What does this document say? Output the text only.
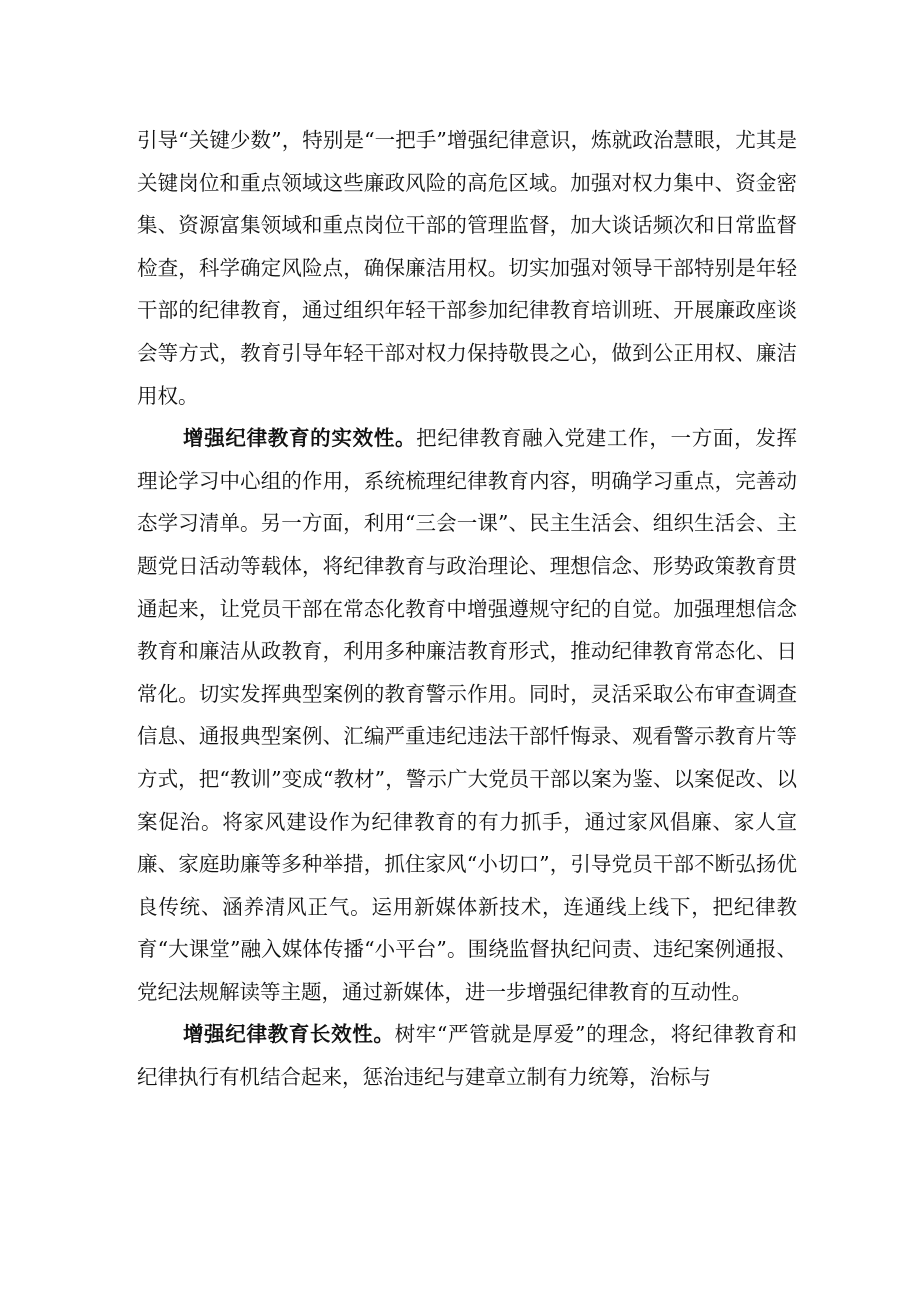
引导“关键少数”，特别是“一把手”增强纪律意识，炼就政治慧眼，尤其是关键岗位和重点领域这些廉政风险的高危区域。加强对权力集中、资金密集、资源富集领域和重点岗位干部的管理监督，加大谈话频次和日常监督检查，科学确定风险点，确保廉洁用权。切实加强对领导干部特别是年轻干部的纪律教育，通过组织年轻干部参加纪律教育培训班、开展廉政座谈会等方式，教育引导年轻干部对权力保持敬畏之心，做到公正用权、廉洁用权。

增强纪律教育的实效性。把纪律教育融入党建工作，一方面，发挥理论学习中心组的作用，系统梳理纪律教育内容，明确学习重点，完善动态学习清单。另一方面，利用“三会一课”、民主生活会、组织生活会、主题党日活动等载体，将纪律教育与政治理论、理想信念、形势政策教育贯通起来，让党员干部在常态化教育中增强遵规守纪的自觉。加强理想信念教育和廉洁从政教育，利用多种廉洁教育形式，推动纪律教育常态化、日常化。切实发挥典型案例的教育警示作用。同时，灵活采取公布审查调查信息、通报典型案例、汇编严重违纪违法干部忏悔录、观看警示教育片等方式，把“教训”变成“教材”，警示广大党员干部以案为鉴、以案促改、以案促治。将家风建设作为纪律教育的有力抓手，通过家风倡廉、家人宣廉、家庭助廉等多种举措，抓住家风“小切口”，引导党员干部不断弘扬优良传统、涵养清风正气。运用新媒体新技术，连通线上线下，把纪律教育“大课堂”融入媒体传播“小平台”。围绕监督执纪问责、违纪案例通报、党纪法规解读等主题，通过新媒体，进一步增强纪律教育的互动性。

增强纪律教育长效性。树牢“严管就是厚爱”的理念，将纪律教育和纪律执行有机结合起来，惩治违纪与建章立制有力统筹，治标与
